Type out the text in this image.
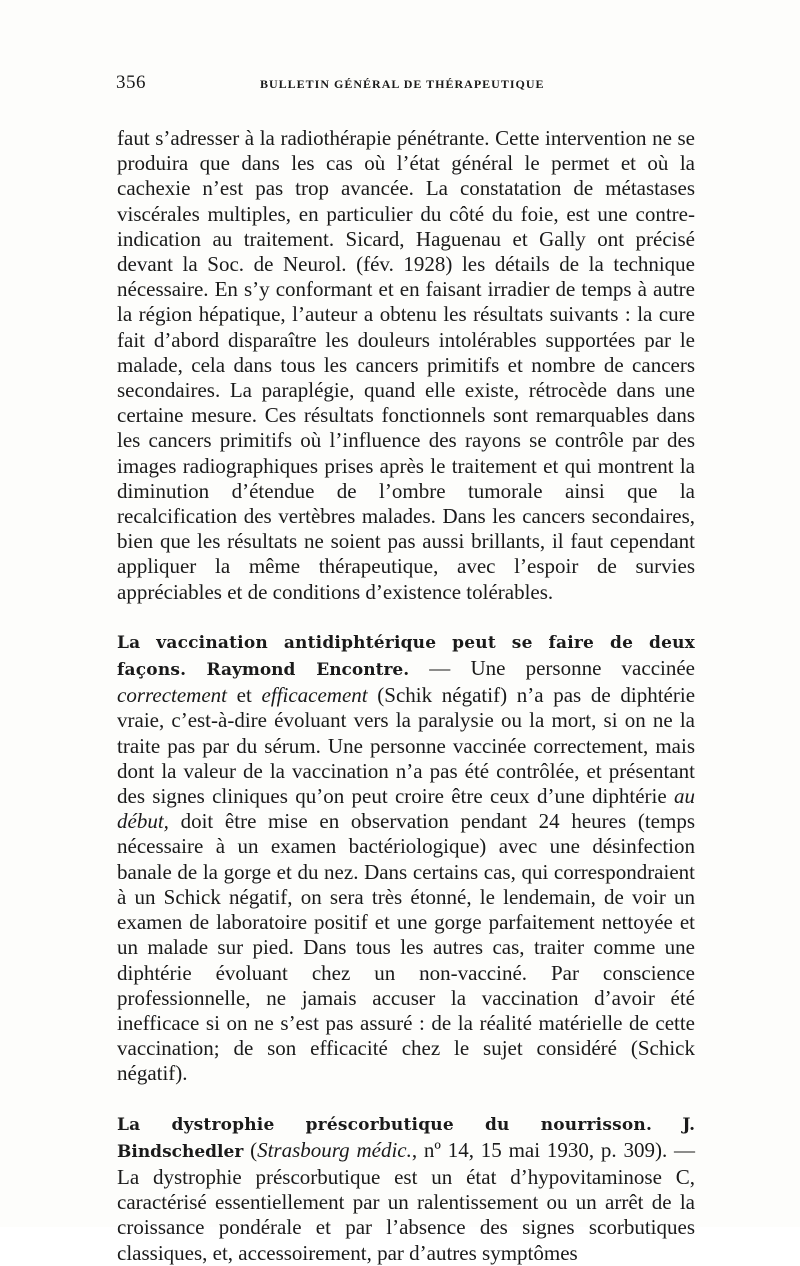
356	BULLETIN GÉNÉRAL DE THÉRAPEUTIQUE

faut s’adresser à la radiothérapie pénétrante. Cette intervention ne se produira que dans les cas où l’état général le permet et où la cachexie n’est pas trop avancée. La constatation de métastases viscérales multiples, en particulier du côté du foie, est une contre-indication au traitement. Sicard, Haguenau et Gally ont précisé devant la Soc. de Neurol. (fév. 1928) les détails de la technique nécessaire. En s’y conformant et en faisant irradier de temps à autre la région hépatique, l’auteur a obtenu les résultats suivants : la cure fait d’abord disparaître les douleurs intolérables supportées par le malade, cela dans tous les cancers primitifs et nombre de cancers secondaires. La paraplégie, quand elle existe, rétrocède dans une certaine mesure. Ces résultats fonctionnels sont remarquables dans les cancers primitifs où l’influence des rayons se contrôle par des images radiographiques prises après le traitement et qui montrent la diminution d’étendue de l’ombre tumorale ainsi que la recalcification des vertèbres malades. Dans les cancers secondaires, bien que les résultats ne soient pas aussi brillants, il faut cependant appliquer la même thérapeutique, avec l’espoir de survies appréciables et de conditions d’existence tolérables.

La vaccination antidiphtérique peut se faire de deux façons. Raymond Encontre. — Une personne vaccinée correctement et efficacement (Schik négatif) n’a pas de diphtérie vraie, c’est-à-dire évoluant vers la paralysie ou la mort, si on ne la traite pas par du sérum. Une personne vaccinée correctement, mais dont la valeur de la vaccination n’a pas été contrôlée, et présentant des signes cliniques qu’on peut croire être ceux d’une diphtérie au début, doit être mise en observation pendant 24 heures (temps nécessaire à un examen bactériologique) avec une désinfection banale de la gorge et du nez. Dans certains cas, qui correspondraient à un Schick négatif, on sera très étonné, le lendemain, de voir un examen de laboratoire positif et une gorge parfaitement nettoyée et un malade sur pied. Dans tous les autres cas, traiter comme une diphtérie évoluant chez un non-vacciné. Par conscience professionnelle, ne jamais accuser la vaccination d’avoir été inefficace si on ne s’est pas assuré : de la réalité matérielle de cette vaccination; de son efficacité chez le sujet considéré (Schick négatif).

La dystrophie préscorbutique du nourrisson. J. Bindschedler (Strasbourg médic., nº 14, 15 mai 1930, p. 309). — La dystrophie préscorbutique est un état d’hypovitaminose C, caractérisé essentiellement par un ralentissement ou un arrêt de la croissance pondérale et par l’absence des signes scorbutiques classiques, et, accessoirement, par d’autres symptômes
